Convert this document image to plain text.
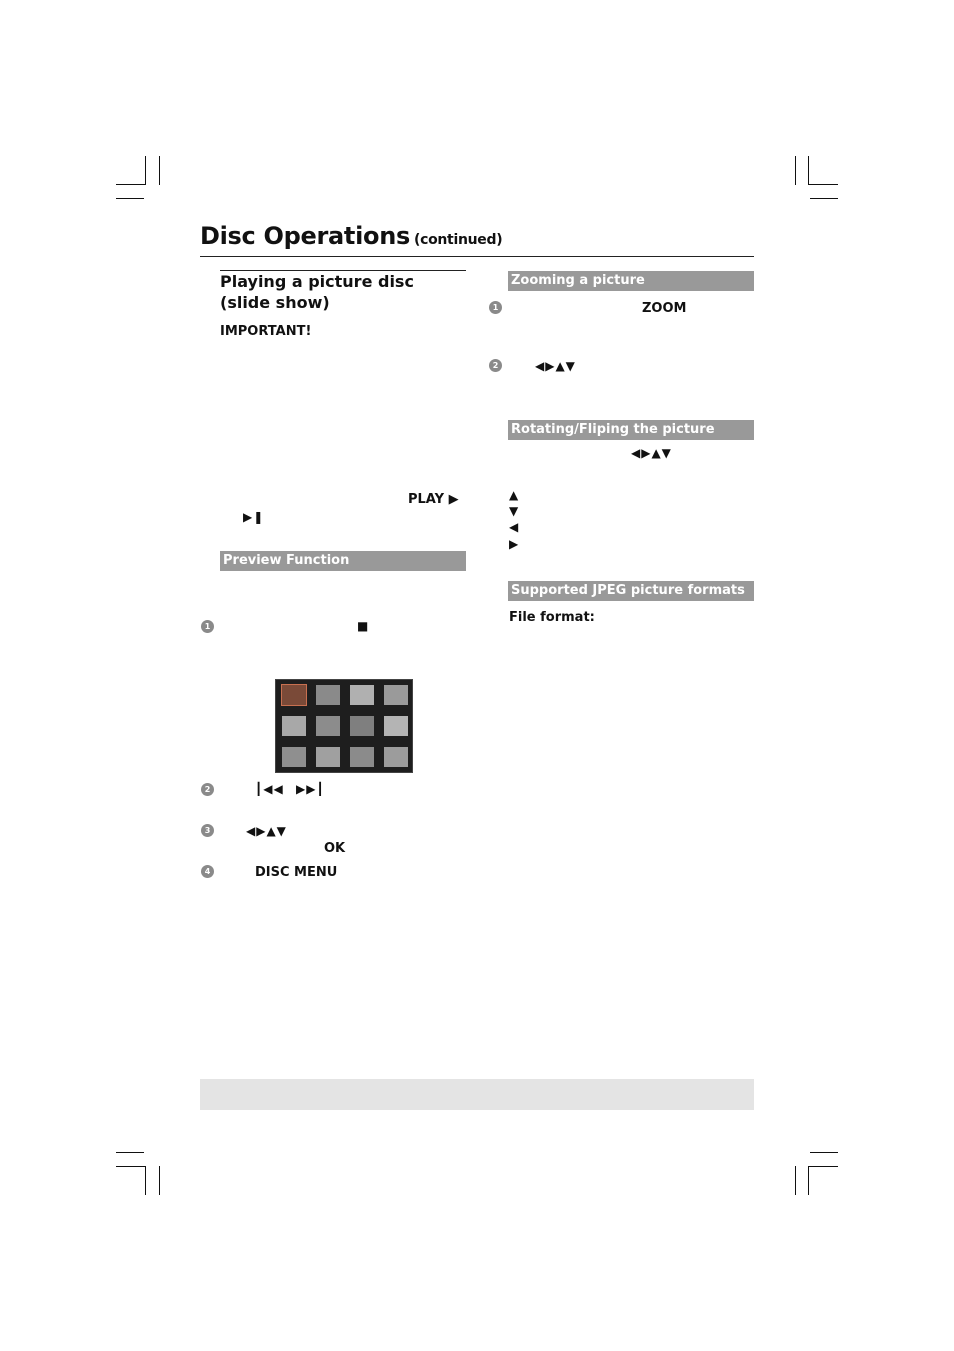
Disc Operations (continued)
Playing a picture disc (slide show)
IMPORTANT!
PLAY ▶
▶❚
Preview Function
1	■
2	┃◀◀ ▶▶┃
3	◀▶▲▼
OK
4	DISC MENU
Zooming a picture
1	ZOOM
2	◀▶▲▼
Rotating/Fliping the picture
◀▶▲▼
▲
▼
◀
▶
Supported JPEG picture formats
File format:
